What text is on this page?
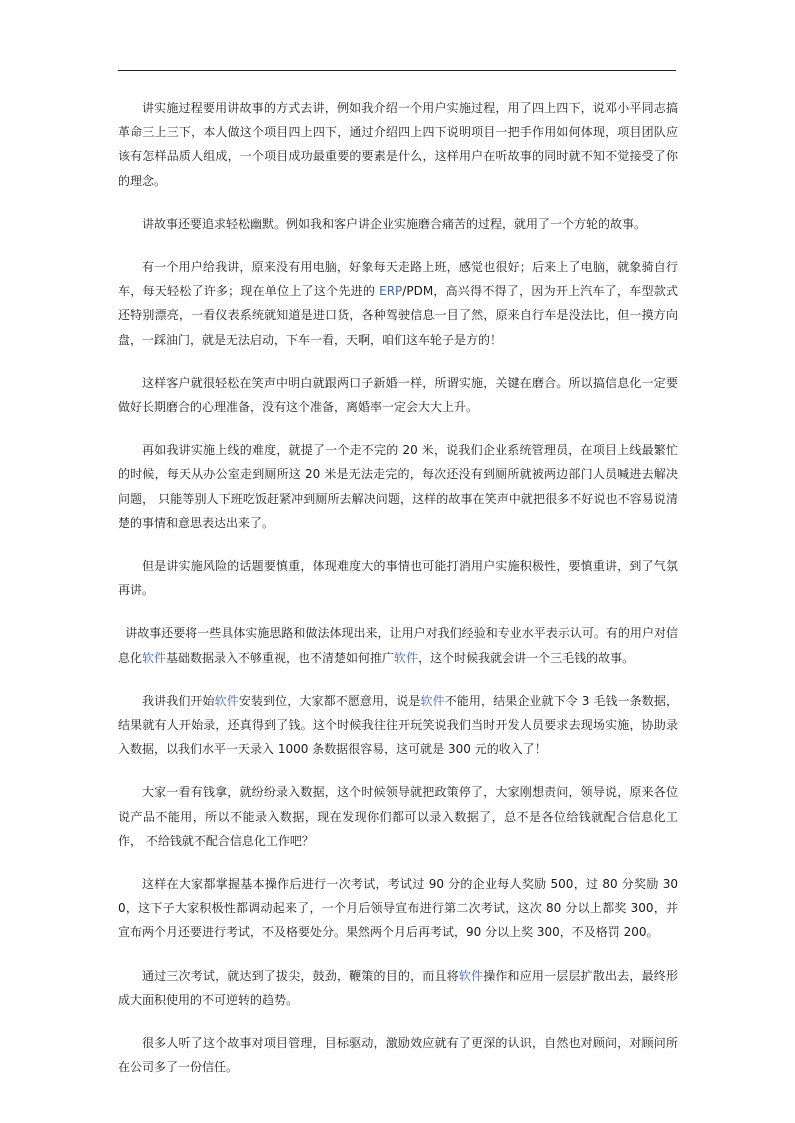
讲实施过程要用讲故事的方式去讲，例如我介绍一个用户实施过程，用了四上四下，说邓小平同志搞革命三上三下，本人做这个项目四上四下，通过介绍四上四下说明项目一把手作用如何体现，项目团队应该有怎样品质人组成，一个项目成功最重要的要素是什么，这样用户在听故事的同时就不知不觉接受了你的理念。

讲故事还要追求轻松幽默。例如我和客户讲企业实施磨合痛苦的过程，就用了一个方轮的故事。

有一个用户给我讲，原来没有用电脑，好象每天走路上班，感觉也很好；后来上了电脑，就象骑自行车，每天轻松了许多；现在单位上了这个先进的 ERP/PDM，高兴得不得了，因为开上汽车了，车型款式还特别漂亮，一看仪表系统就知道是进口货，各种驾驶信息一目了然，原来自行车是没法比，但一摸方向盘，一踩油门，就是无法启动，下车一看，天啊，咱们这车轮子是方的！

这样客户就很轻松在笑声中明白就跟两口子新婚一样，所谓实施，关键在磨合。所以搞信息化一定要做好长期磨合的心理准备，没有这个准备，离婚率一定会大大上升。

再如我讲实施上线的难度，就提了一个走不完的 20 米，说我们企业系统管理员，在项目上线最繁忙的时候，每天从办公室走到厕所这 20 米是无法走完的，每次还没有到厕所就被两边部门人员喊进去解决问题， 只能等别人下班吃饭赶紧冲到厕所去解决问题，这样的故事在笑声中就把很多不好说也不容易说清楚的事情和意思表达出来了。

但是讲实施风险的话题要慎重，体现难度大的事情也可能打消用户实施积极性，要慎重讲，到了气氛再讲。

讲故事还要将一些具体实施思路和做法体现出来，让用户对我们经验和专业水平表示认可。有的用户对信息化软件基础数据录入不够重视，也不清楚如何推广软件，这个时候我就会讲一个三毛钱的故事。

我讲我们开始软件安装到位，大家都不愿意用，说是软件不能用，结果企业就下令 3 毛钱一条数据，结果就有人开始录，还真得到了钱。这个时候我往往开玩笑说我们当时开发人员要求去现场实施，协助录入数据，以我们水平一天录入 1000 条数据很容易，这可就是 300 元的收入了！

大家一看有钱拿，就纷纷录入数据，这个时候领导就把政策停了，大家刚想责问，领导说，原来各位说产品不能用，所以不能录入数据，现在发现你们都可以录入数据了，总不是各位给钱就配合信息化工作， 不给钱就不配合信息化工作吧？

这样在大家都掌握基本操作后进行一次考试，考试过 90 分的企业每人奖励 500，过 80 分奖励 300，这下子大家积极性都调动起来了，一个月后领导宣布进行第二次考试，这次 80 分以上都奖 300，并宣布两个月还要进行考试，不及格要处分。果然两个月后再考试，90 分以上奖 300，不及格罚 200。

通过三次考试，就达到了拔尖，鼓劲，鞭策的目的，而且将软件操作和应用一层层扩散出去，最终形成大面积使用的不可逆转的趋势。

很多人听了这个故事对项目管理，目标驱动，激励效应就有了更深的认识，自然也对顾问，对顾问所在公司多了一份信任。
